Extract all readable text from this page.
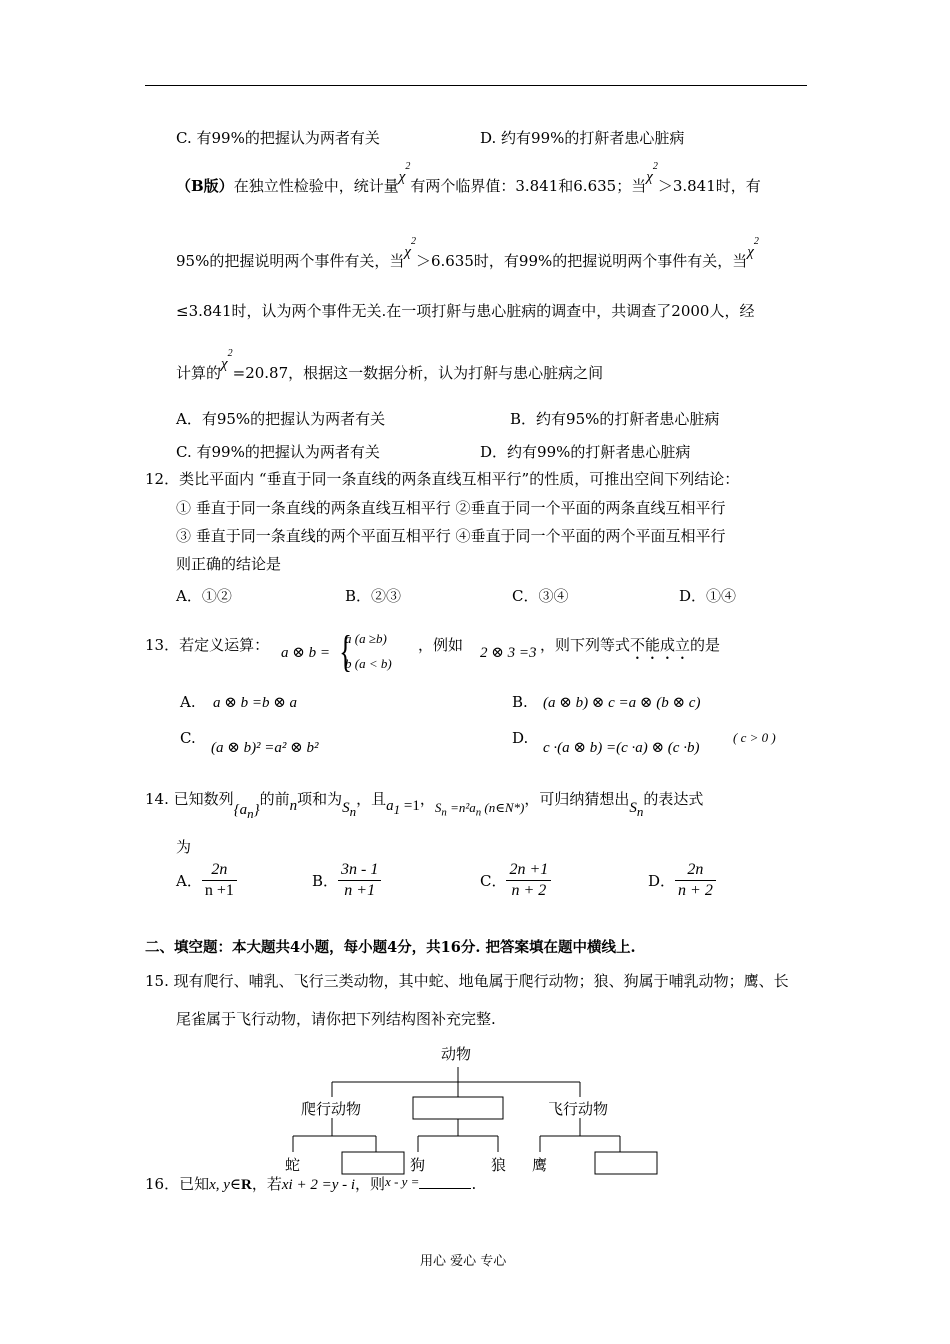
C. 有99%的把握认为两者有关	D. 约有99%的打鼾者患心脏病
（B版）在独立性检验中，统计量$\chi^2$有两个临界值：3.841和6.635；当$\chi^2>3.841$时，有
95%的把握说明两个事件有关，当$\chi^2>6.635$时，有99%的把握说明两个事件有关，当$\chi^2$
≤3.841时，认为两个事件无关.在一项打鼾与患心脏病的调查中，共调查了2000人，经
计算的$\chi^2=20.87$，根据这一数据分析，认为打鼾与患心脏病之间
A．有95%的把握认为两者有关	B．约有95%的打鼾者患心脏病
C. 有99%的把握认为两者有关	D．约有99%的打鼾者患心脏病
12．类比平面内 “垂直于同一条直线的两条直线互相平行”的性质，可推出空间下列结论：
① 垂直于同一条直线的两条直线互相平行 ②垂直于同一个平面的两条直线互相平行
③ 垂直于同一条直线的两个平面互相平行 ④垂直于同一个平面的两个平面互相平行
则正确的结论是
A．①②	B．②③	C．③④	D．①④
13．若定义运算： a ⊗ b = {
a (a ≥b)
b (a < b)
，例如 2 ⊗ 3 =3 ，则下列等式不能成立的是
A. a ⊗ b =b ⊗ a	B. (a ⊗ b) ⊗ c =a ⊗ (b ⊗ c)
C.
(a ⊗ b)² =a² ⊗ b²
D.
c ·(a ⊗ b) =(c ·a) ⊗ (c ·b)
( c > 0 )
14. 已知数列$\{a_n\}$的前n项和为$S_n$，且$a_1 =1$，$S_n =n^2a_n$ (n∈N*)，可归纳猜想出$S_n$的表达式
为
A． $\frac{2n}{n +1}$	B． $\frac{3n - 1}{n +1}$	C． $\frac{2n +1}{n + 2}$	D． $\frac{2n}{n + 2}$
二、填空题：本大题共4小题，每小题4分，共16分. 把答案填在题中横线上.
15. 现有爬行、哺乳、飞行三类动物，其中蛇、地龟属于爬行动物；狼、狗属于哺乳动物；鹰、长
尾雀属于飞行动物，请你把下列结构图补充完整.
动物
爬行动物	飞行动物
蛇	狗	狼 鹰
16．已知x, y∈R，若xi + 2 =y - i，则x - y =	.
用心 爱心 专心
